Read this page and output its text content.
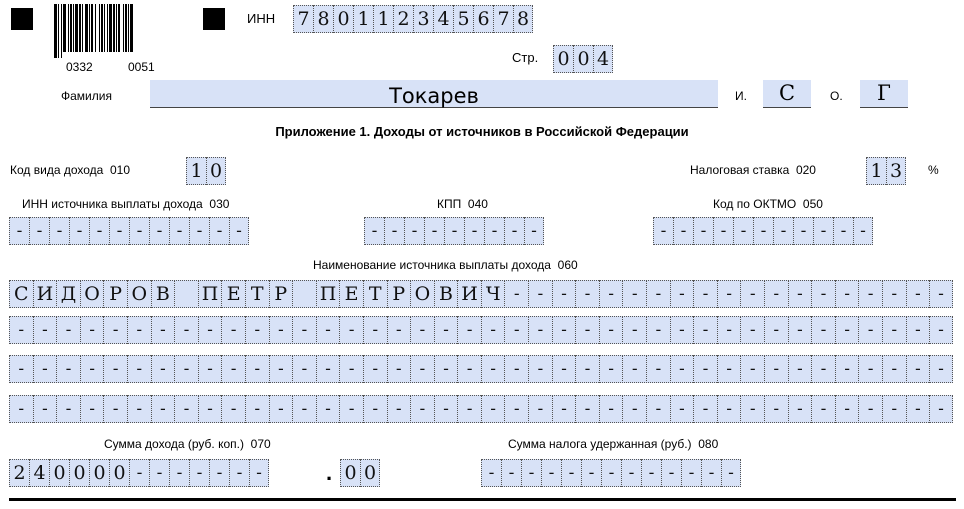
0332	0051
ИНН 7 8 0 1 1 2 3 4 5 6 7 8
Стр. 0 0 4
Фамилия	Токарев	И.	С	О.	Г
Приложение 1. Доходы от источников в Российской Федерации
Код вида дохода 010	1 0	Налоговая ставка 020	1 3	%
ИНН источника выплаты дохода 030	КПП 040	Код по ОКТМО 050
- - - - - - - - - - - -	- - - - - - - - -	- - - - - - - - - - -
Наименование источника выплаты дохода 060
С И Д О Р О В П Е Т Р П Е Т Р О В И Ч -	-	-	-	-	-	-	-	-	-	-	-	-	-	-	-	-	-	-
-	-	-	-	-	-	-	-	-	-	-	-	-	-	-	-	-	-	-	-	-	-	-	-	-	-	-	-	-	-	-	-	-	-	-	-	-	-	-	-
-	-	-	-	-	-	-	-	-	-	-	-	-	-	-	-	-	-	-	-	-	-	-	-	-	-	-	-	-	-	-	-	-	-	-	-	-	-	-	-
-	-	-	-	-	-	-	-	-	-	-	-	-	-	-	-	-	-	-	-	-	-	-	-	-	-	-	-	-	-	-	-	-	-	-	-	-	-	-	-
Сумма дохода (руб. коп.) 070	Сумма налога удержанная (руб.) 080
2 4 0 0 0 0 - - - - - - -	. 0 0	- - - - - - - - - - - - -
